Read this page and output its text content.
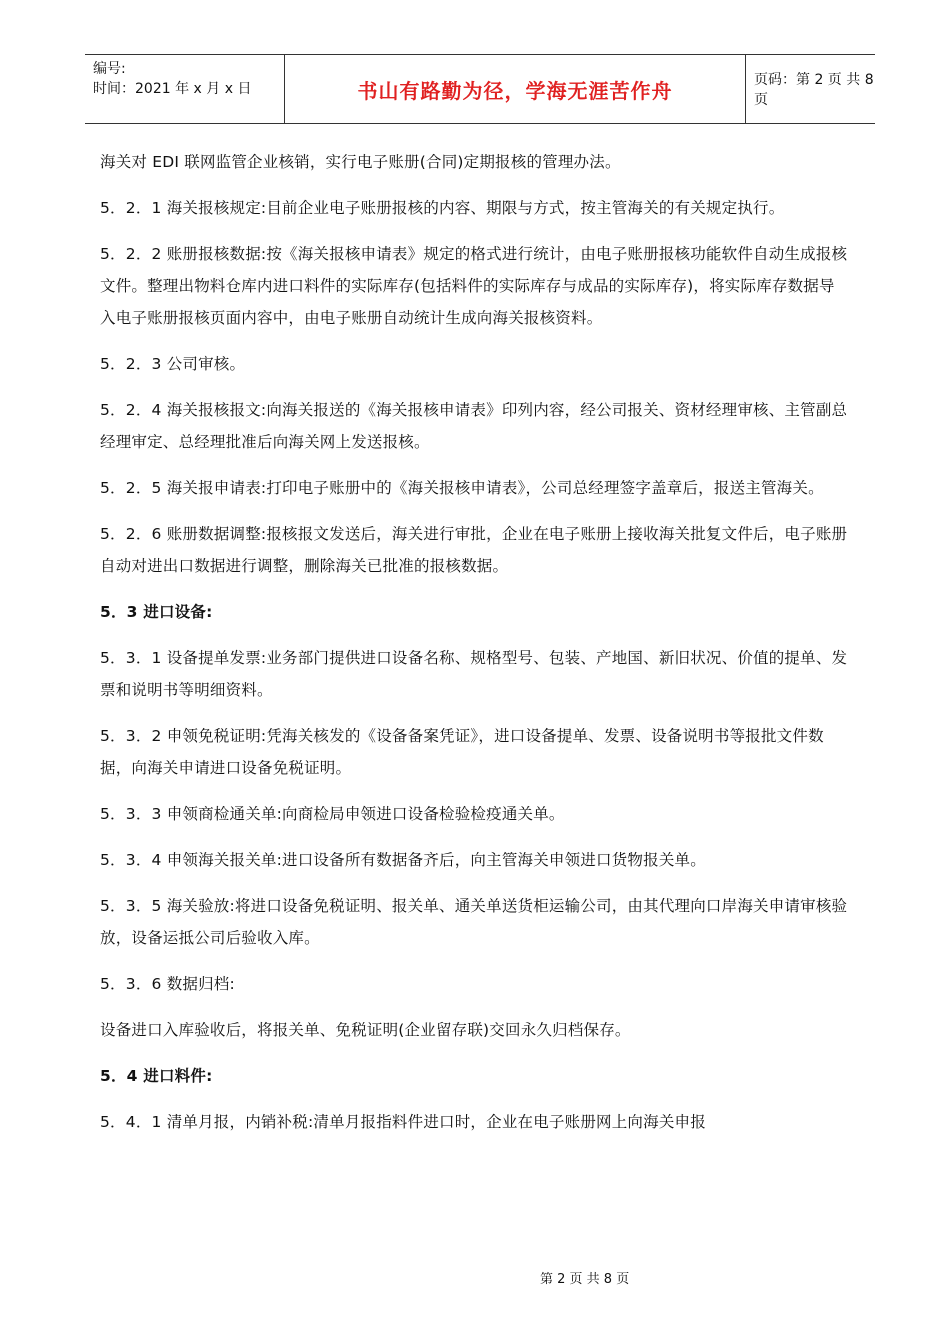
编号:
时间：2021 年 x 月 x 日	书山有路勤为径，学海无涯苦作舟	页码：第 2 页 共 8 页

海关对 EDI 联网监管企业核销，实行电子账册(合同)定期报核的管理办法。

5．2．1 海关报核规定:目前企业电子账册报核的内容、期限与方式，按主管海关的有关规定执行。

5．2．2 账册报核数据:按《海关报核申请表》规定的格式进行统计，由电子账册报核功能软件自动生成报核文件。整理出物料仓库内进口料件的实际库存(包括料件的实际库存与成品的实际库存)，将实际库存数据导入电子账册报核页面内容中，由电子账册自动统计生成向海关报核资料。

5．2．3 公司审核。

5．2．4 海关报核报文:向海关报送的《海关报核申请表》印列内容，经公司报关、资材经理审核、主管副总经理审定、总经理批准后向海关网上发送报核。

5．2．5 海关报申请表:打印电子账册中的《海关报核申请表》，公司总经理签字盖章后，报送主管海关。

5．2．6 账册数据调整:报核报文发送后，海关进行审批，企业在电子账册上接收海关批复文件后，电子账册自动对进出口数据进行调整，删除海关已批准的报核数据。

5．3 进口设备:

5．3．1 设备提单发票:业务部门提供进口设备名称、规格型号、包装、产地国、新旧状况、价值的提单、发票和说明书等明细资料。

5．3．2 申领免税证明:凭海关核发的《设备备案凭证》，进口设备提单、发票、设备说明书等报批文件数据，向海关申请进口设备免税证明。

5．3．3 申领商检通关单:向商检局申领进口设备检验检疫通关单。

5．3．4 申领海关报关单:进口设备所有数据备齐后，向主管海关申领进口货物报关单。

5．3．5 海关验放:将进口设备免税证明、报关单、通关单送货柜运输公司，由其代理向口岸海关申请审核验放，设备运抵公司后验收入库。

5．3．6 数据归档:

设备进口入库验收后，将报关单、免税证明(企业留存联)交回永久归档保存。

5．4 进口料件:

5．4．1 清单月报，内销补税:清单月报指料件进口时，企业在电子账册网上向海关申报

第 2 页 共 8 页
